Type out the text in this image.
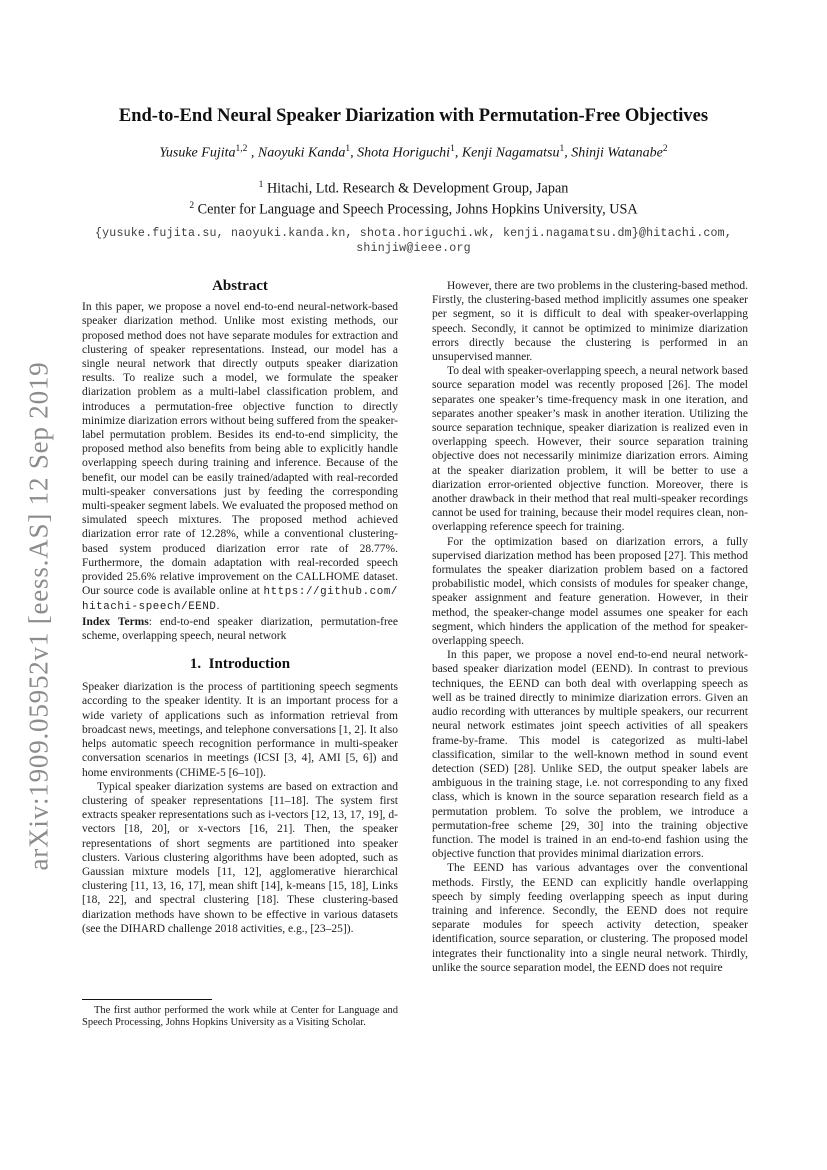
arXiv:1909.05952v1 [eess.AS] 12 Sep 2019
End-to-End Neural Speaker Diarization with Permutation-Free Objectives
Yusuke Fujita$^{1,2}$ , Naoyuki Kanda$^1$, Shota Horiguchi$^1$, Kenji Nagamatsu$^1$, Shinji Watanabe$^2$
$^1$ Hitachi, Ltd. Research & Development Group, Japan
$^2$ Center for Language and Speech Processing, Johns Hopkins University, USA
{yusuke.fujita.su, naoyuki.kanda.kn, shota.horiguchi.wk, kenji.nagamatsu.dm}@hitachi.com,
shinjiw@ieee.org
Abstract

In this paper, we propose a novel end-to-end neural-network-based speaker diarization method. Unlike most existing methods, our proposed method does not have separate modules for extraction and clustering of speaker representations. Instead, our model has a single neural network that directly outputs speaker diarization results. To realize such a model, we formulate the speaker diarization problem as a multi-label classification problem, and introduces a permutation-free objective function to directly minimize diarization errors without being suffered from the speaker-label permutation problem. Besides its end-to-end simplicity, the proposed method also benefits from being able to explicitly handle overlapping speech during training and inference. Because of the benefit, our model can be easily trained/adapted with real-recorded multi-speaker conversations just by feeding the corresponding multi-speaker segment labels. We evaluated the proposed method on simulated speech mixtures. The proposed method achieved diarization error rate of 12.28%, while a conventional clustering-based system produced diarization error rate of 28.77%. Furthermore, the domain adaptation with real-recorded speech provided 25.6% relative improvement on the CALLHOME dataset. Our source code is available online at https://github.com/hitachi-speech/EEND.

Index Terms: end-to-end speaker diarization, permutation-free scheme, overlapping speech, neural network

1.  Introduction

Speaker diarization is the process of partitioning speech segments according to the speaker identity. It is an important process for a wide variety of applications such as information retrieval from broadcast news, meetings, and telephone conversations [1, 2]. It also helps automatic speech recognition performance in multi-speaker conversation scenarios in meetings (ICSI [3, 4], AMI [5, 6]) and home environments (CHiME-5 [6–10]).

Typical speaker diarization systems are based on extraction and clustering of speaker representations [11–18]. The system first extracts speaker representations such as i-vectors [12, 13, 17, 19], d-vectors [18, 20], or x-vectors [16, 21]. Then, the speaker representations of short segments are partitioned into speaker clusters. Various clustering algorithms have been adopted, such as Gaussian mixture models [11, 12], agglomerative hierarchical clustering [11, 13, 16, 17], mean shift [14], k-means [15, 18], Links [18, 22], and spectral clustering [18]. These clustering-based diarization methods have shown to be effective in various datasets (see the DIHARD challenge 2018 activities, e.g., [23–25]).

However, there are two problems in the clustering-based method. Firstly, the clustering-based method implicitly assumes one speaker per segment, so it is difficult to deal with speaker-overlapping speech. Secondly, it cannot be optimized to minimize diarization errors directly because the clustering is performed in an unsupervised manner.

To deal with speaker-overlapping speech, a neural network based source separation model was recently proposed [26]. The model separates one speaker’s time-frequency mask in one iteration, and separates another speaker’s mask in another iteration. Utilizing the source separation technique, speaker diarization is realized even in overlapping speech. However, their source separation training objective does not necessarily minimize diarization errors. Aiming at the speaker diarization problem, it will be better to use a diarization error-oriented objective function. Moreover, there is another drawback in their method that real multi-speaker recordings cannot be used for training, because their model requires clean, non-overlapping reference speech for training.

For the optimization based on diarization errors, a fully supervised diarization method has been proposed [27]. This method formulates the speaker diarization problem based on a factored probabilistic model, which consists of modules for speaker change, speaker assignment and feature generation. However, in their method, the speaker-change model assumes one speaker for each segment, which hinders the application of the method for speaker-overlapping speech.

In this paper, we propose a novel end-to-end neural network-based speaker diarization model (EEND). In contrast to previous techniques, the EEND can both deal with overlapping speech as well as be trained directly to minimize diarization errors. Given an audio recording with utterances by multiple speakers, our recurrent neural network estimates joint speech activities of all speakers frame-by-frame. This model is categorized as multi-label classification, similar to the well-known method in sound event detection (SED) [28]. Unlike SED, the output speaker labels are ambiguous in the training stage, i.e. not corresponding to any fixed class, which is known in the source separation research field as a permutation problem. To solve the problem, we introduce a permutation-free scheme [29, 30] into the training objective function. The model is trained in an end-to-end fashion using the objective function that provides minimal diarization errors.

The EEND has various advantages over the conventional methods. Firstly, the EEND can explicitly handle overlapping speech by simply feeding overlapping speech as input during training and inference. Secondly, the EEND does not require separate modules for speech activity detection, speaker identification, source separation, or clustering. The proposed model integrates their functionality into a single neural network. Thirdly, unlike the source separation model, the EEND does not require

The first author performed the work while at Center for Language and Speech Processing, Johns Hopkins University as a Visiting Scholar.
